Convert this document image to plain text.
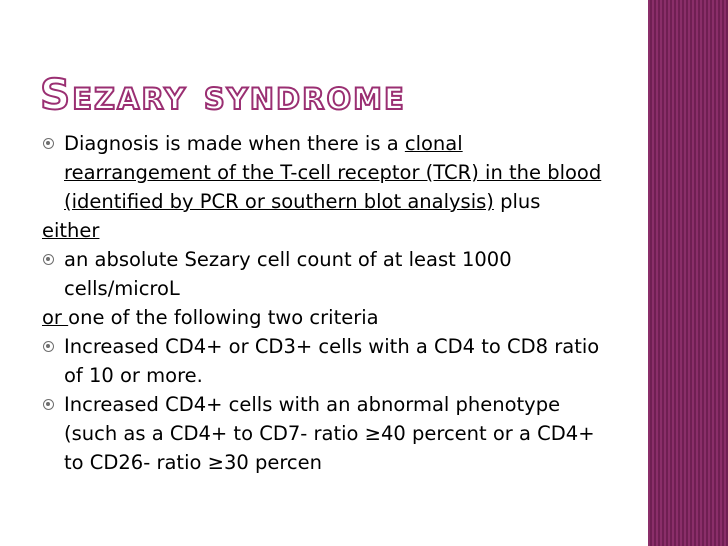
Sezary syndrome
Diagnosis is made when there is a clonal rearrangement of the T-cell receptor (TCR) in the blood (identified by PCR or southern blot analysis) plus
either
an absolute Sezary cell count of at least 1000 cells/microL
or one of the following two criteria
Increased CD4+ or CD3+ cells with a CD4 to CD8 ratio of 10 or more.
Increased CD4+ cells with an abnormal phenotype (such as a CD4+ to CD7- ratio ≥40 percent or a CD4+ to CD26- ratio ≥30 percen
